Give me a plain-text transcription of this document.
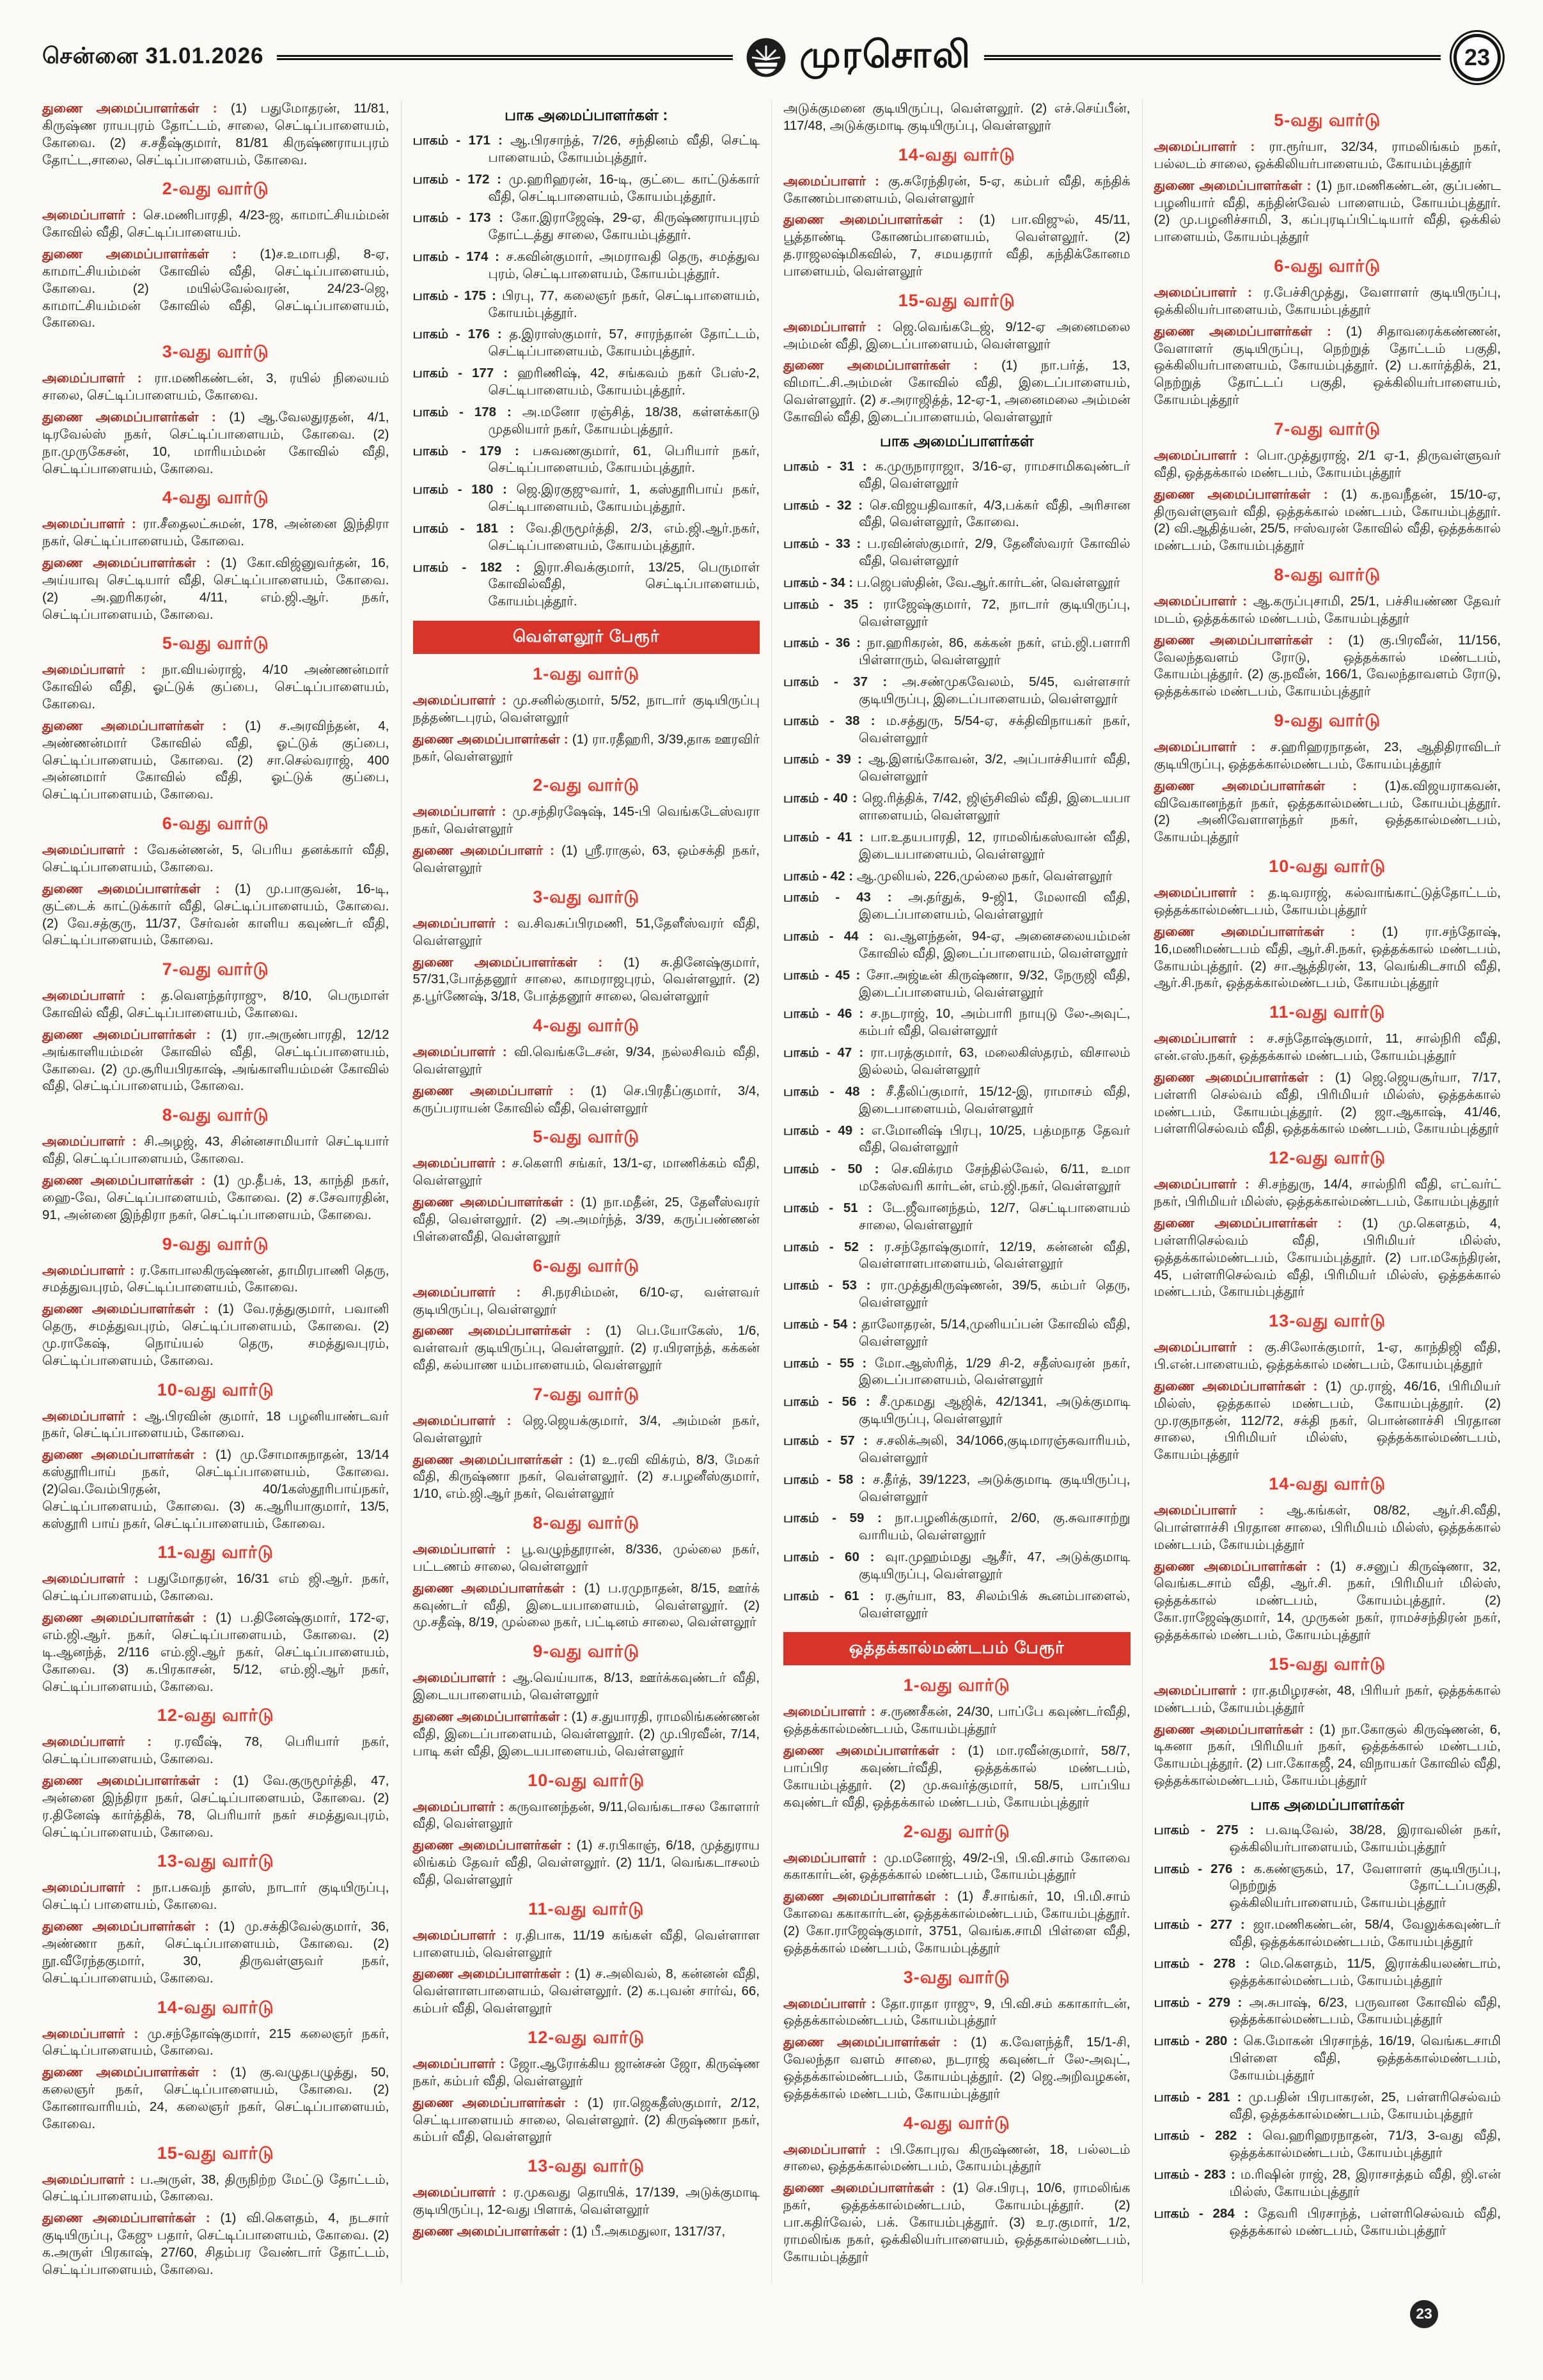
சென்னை 31.01.2026	முரசொலி	23

துணை அமைப்பாளர்கள் : (1) பதுமோதரன், 11/81, கிருஷ்ண ராயபுரம் தோட்டம், சாலை, செட்டிப்பாளையம், கோவை. (2) ச.சதீஷ்குமார், 81/81 கிருஷ்ணராயபுரம் தோட்ட,சாலை, செட்டிப்பாளையம், கோவை.

2-வது வார்டு

அமைப்பாளர் : செ.மணிபாரதி, 4/23-ஜ, காமாட்சியம்மன் கோவில் வீதி, செட்டிப்பாளையம்.

துணை அமைப்பாளர்கள் : (1)ச.உமாபதி, 8-ஏ, காமாட்சியம்மன் கோவில் வீதி, செட்டிப்பாளையம், கோவை. (2) மயில்வேல்வரன், 24/23-ஜெ, காமாட்சியம்மன் கோவில் வீதி, செட்டிப்பாளையம், கோவை.

3-வது வார்டு

அமைப்பாளர் : ரா.மணிகண்டன், 3, ரயில் நிலையம் சாலை, செட்டிப்பாளையம், கோவை.

துணை அமைப்பாளர்கள் : (1) ஆ.வேலதுரதன், 4/1, டிரவேல்ஸ் நகர், செட்டிப்பாளையம், கோவை. (2) நா.முருகேசன், 10, மாரியம்மன் கோவில் வீதி, செட்டிப்பாளையம், கோவை.

4-வது வார்டு

அமைப்பாளர் : ரா.சீதைலட்சுமன், 178, அன்னை இந்திரா நகர், செட்டிப்பாளையம், கோவை.

துணை அமைப்பாளர்கள் : (1) கோ.விஜ்னுவர்தன், 16, அய்யாவு செட்டியார் வீதி, செட்டிப்பாளையம், கோவை. (2) அ.ஹரிகரன், 4/11, எம்.ஜி.ஆர். நகர், செட்டிப்பாளையம், கோவை.

5-வது வார்டு

அமைப்பாளர் : நா.வியல்ராஜ், 4/10 அண்ணன்மார் கோவில் வீதி, ஓட்டுக் குப்பை, செட்டிப்பாளையம், கோவை.

துணை அமைப்பாளர்கள் : (1) ச.அரவிந்தன், 4, அண்ணன்மார் கோவில் வீதி, ஓட்டுக் குப்பை, செட்டிப்பாளையம், கோவை. (2) சா.செல்வராஜ், 400 அன்னமார் கோவில் வீதி, ஓட்டுக் குப்பை, செட்டிப்பாளையம், கோவை.

6-வது வார்டு

அமைப்பாளர் : வேகன்ணன், 5, பெரிய தனக்கார் வீதி, செட்டிப்பாளையம், கோவை.

துணை அமைப்பாளர்கள் : (1) மு.பாகுவன், 16-டி, குட்டைக் காட்டுக்கார் வீதி, செட்டிப்பாளையம், கோவை. (2) வே.சத்குரு, 11/37, சேர்வன் காளிய கவுண்டர் வீதி, செட்டிப்பாளையம், கோவை.

7-வது வார்டு

அமைப்பாளர் : த.வெளந்தர்ராஜு, 8/10, பெருமாள் கோவில் வீதி, செட்டிப்பாளையம், கோவை.

துணை அமைப்பாளர்கள் : (1) ரா.அருண்பாரதி, 12/12 அங்காளியம்மன் கோவில் வீதி, செட்டிப்பாளையம், கோவை. (2) மு.சூரியபிரகாஷ், அங்காளியம்மன் கோவில் வீதி, செட்டிப்பாளையம், கோவை.

8-வது வார்டு

அமைப்பாளர் : சி.அழஜ், 43, சின்னசாமியார் செட்டியார் வீதி, செட்டிப்பாளையம், கோவை.

துணை அமைப்பாளர்கள் : (1) மு.தீபக், 13, காந்தி நகர், ஹை-வே, செட்டிப்பாளையம், கோவை. (2) ச.சேவாரதின், 91, அன்னை இந்திரா நகர், செட்டிப்பாளையம், கோவை.

9-வது வார்டு

அமைப்பாளர் : ர.கோபாலகிருஷ்ணன், தாமிரபாணி தெரு, சமத்துவபுரம், செட்டிப்பாளையம், கோவை.

துணை அமைப்பாளர்கள் : (1) வே.ரத்துகுமார், பவானி தெரு, சமத்துவபுரம், செட்டிப்பாளையம், கோவை. (2) மு.ராகேஷ், நொய்யல் தெரு, சமத்துவபுரம், செட்டிப்பாளையம், கோவை.

10-வது வார்டு

அமைப்பாளர் : ஆ.பிரவின் குமார், 18 பழனியாண்டவர் நகர், செட்டிப்பாளையம், கோவை.

துணை அமைப்பாளர்கள் : (1) மு.சோமாசுநாதன், 13/14 கஸ்தூரிபாய் நகர், செட்டிப்பாளையம், கோவை. (2)வெ.வேம்பிரதன், 40/1கஸ்தூரிபாய்நகர், செட்டிப்பாளையம், கோவை. (3) க.ஆரியாகுமார், 13/5, கஸ்தூரி பாய் நகர், செட்டிப்பாளையம், கோவை.

11-வது வார்டு

அமைப்பாளர் : பதுமோதரன், 16/31 எம் ஜி.ஆர். நகர், செட்டிப்பாளையம், கோவை.

துணை அமைப்பாளர்கள் : (1) ப.தினேஷ்குமார், 172-ஏ, எம்.ஜி.ஆர். நகர், செட்டிப்பாளையம், கோவை. (2) டி.ஆனந்த், 2/116 எம்.ஜி.ஆர் நகர், செட்டிப்பாளையம், கோவை. (3) க.பிரகாசன், 5/12, எம்.ஜி.ஆர் நகர், செட்டிப்பாளையம், கோவை.

12-வது வார்டு

அமைப்பாளர் : ர.ரவீஷ், 78, பெரியார் நகர், செட்டிப்பாளையம், கோவை.

துணை அமைப்பாளர்கள் : (1) வே.குருமூர்த்தி, 47, அன்னை இந்திரா நகர், செட்டிப்பாளையம், கோவை. (2) ர.தினேஷ் கார்த்திக், 78, பெரியார் நகர் சமத்துவபுரம், செட்டிப்பாளையம், கோவை.

13-வது வார்டு

அமைப்பாளர் : நா.பசுவந் தாஸ், நாடார் குடியிருப்பு, செட்டிப் பாளையம், கோவை.

துணை அமைப்பாளர்கள் : (1) மு.சக்திவேல்குமார், 36, அண்ணா நகர், செட்டிப்பாளையம், கோவை. (2) நூ.வீரேந்தகுமார், 30, திருவள்ளுவர் நகர், செட்டிப்பாளையம், கோவை.

14-வது வார்டு

அமைப்பாளர் : மு.சந்தோஷ்குமார், 215 கலைஞர் நகர், செட்டிப்பாளையம், கோவை.

துணை அமைப்பாளர்கள் : (1) கு.வழுதபழுத்து, 50, கலைஞர் நகர், செட்டிப்பாளையம், கோவை. (2) கோனாவாரியம், 24, கலைஞர் நகர், செட்டிப்பாளையம், கோவை.

15-வது வார்டு

அமைப்பாளர் : ப.அருள், 38, திருநிற்ற மேட்டு தோட்டம், செட்டிப்பாளையம், கோவை.

துணை அமைப்பாளர்கள் : (1) வி.கெளதம், 4, நடசார் குடியிருப்பு, கேஜு பதார், செட்டிப்பாளையம், கோவை. (2) க.அருள் பிரகாஷ், 27/60, சிதம்பர வேண்டார் தோட்டம், செட்டிப்பாளையம், கோவை.

பாக அமைப்பாளர்கள் :

பாகம் - 171 : ஆ.பிரசாந்த், 7/26, சந்தினம் வீதி, செட்டி பாளையம், கோயம்புத்தூர்.

பாகம் - 172 : மு.ஹரிஹரன், 16-டி, குட்டை காட்டுக்கார் வீதி, செட்டிபாளையம், கோயம்புத்தூர்.

பாகம் - 173 : கோ.இராஜேஷ், 29-ஏ, கிருஷ்ணராயபுரம் தோட்டத்து சாலை, கோயம்புத்தூர்.

பாகம் - 174 : ச.கவின்குமார், அமராவதி தெரு, சமத்துவ புரம், செட்டிபாளையம், கோயம்புத்தூர்.

பாகம் - 175 : பிரபு, 77, கலைஞர் நகர், செட்டிபாளையம், கோயம்புத்தூர்.

பாகம் - 176 : த.இராஸ்குமார், 57, சாரந்தான் தோட்டம், செட்டிப்பாளையம், கோயம்புத்தூர்.

பாகம் - 177 : ஹரிணிஷ், 42, சங்கவம் நகர் பேஸ்-2, செட்டிபாளையம், கோயம்புத்தூர்.

பாகம் - 178 : அ.மனோ ரஞ்சித், 18/38, கள்ளக்காடு முதலியார் நகர், கோயம்புத்தூர்.

பாகம் - 179 : பசுவணகுமார், 61, பெரியார் நகர், செட்டிப்பாளையம், கோயம்புத்தூர்.

பாகம் - 180 : ஜெ.இரகுஜுவார், 1, கஸ்தூரிபாய் நகர், செட்டிபாளையம், கோயம்புத்தூர்.

பாகம் - 181 : வே.திருமூர்த்தி, 2/3, எம்.ஜி.ஆர்.நகர், செட்டிப்பாளையம், கோயம்புத்தூர்.

பாகம் - 182 : இரா.சிவக்குமார், 13/25, பெருமாள் கோவில்வீதி, செட்டிப்பாளையம், கோயம்புத்தூர்.

வெள்ளலூர் பேரூர்
1-வது வார்டு

அமைப்பாளர் : மு.சனில்குமார், 5/52, நாடார் குடியிருப்பு நத்தண்டபுரம், வெள்ளலூர்

துணை அமைப்பாளர்கள் : (1) ரா.ரதீஹரி, 3/39,தாக ஊரவிர் நகர், வெள்ளலூர்

2-வது வார்டு

அமைப்பாளர் : மு.சந்திரஷேஷ், 145-பி வெங்கடேஸ்வரா நகர், வெள்ளலூர்

துணை அமைப்பாளர் : (1) ஸ்ரீ.ராகுல், 63, ஒம்சக்தி நகர், வெள்ளலூர்

3-வது வார்டு

அமைப்பாளர் : வ.சிவசுப்பிரமணி, 51,தேளீஸ்வரர் வீதி, வெள்ளலூர்

துணை அமைப்பாளர்கள் : (1) சு.தினேஷ்குமார், 57/31,போத்தனூர் சாலை, காமராஜபுரம், வெள்ளலூர். (2) த.பூர்ணேஷ், 3/18, போத்தனூர் சாலை, வெள்ளலூர்

4-வது வார்டு

அமைப்பாளர் : வி.வெங்கடேசன், 9/34, நல்லசிவம் வீதி, வெள்ளலூர்

துணை அமைப்பாளர் : (1) செ.பிரதீப்குமார், 3/4, கருப்பராயன் கோவில் வீதி, வெள்ளலூர்

5-வது வார்டு

அமைப்பாளர் : ச.கௌரி சங்கர், 13/1-ஏ, மாணிக்கம் வீதி, வெள்ளலூர்

துணை அமைப்பாளர்கள் : (1) நா.மதீன், 25, தேளீஸ்வரர் வீதி, வெள்ளலூர். (2) அ.அமர்ந்த், 3/39, கருப்பண்ணன் பிள்ளைவீதி, வெள்ளலூர்

6-வது வார்டு

அமைப்பாளர் : சி.நரசிம்மன், 6/10-ஏ, வள்ளவர் குடியிருப்பு, வெள்ளலூர்

துணை அமைப்பாளர்கள் : (1) பெ.யோகேஸ், 1/6, வள்ளவர் குடியிருப்பு, வெள்ளலூர். (2) ர.யிரளந்த், கக்கன் வீதி, கல்யாண யம்பாளையம், வெள்ளலூர்

7-வது வார்டு

அமைப்பாளர் : ஜெ.ஜெயக்குமார், 3/4, அம்மன் நகர், வெள்ளலூர்

துணை அமைப்பாளர்கள் : (1) உ.ரவி விக்ரம், 8/3, மேகர் வீதி, கிருஷ்ணா நகர், வெள்ளலூர். (2) ச.பழனீஸ்குமார், 1/10, எம்.ஜி.ஆர் நகர், வெள்ளலூர்

8-வது வார்டு

அமைப்பாளர் : பூ.வழுந்தூரான், 8/336, முல்லை நகர், பட்டணம் சாலை, வெள்ளலூர்

துணை அமைப்பாளர்கள் : (1) ப.ரமுநாதன், 8/15, ஊர்க் கவுண்டர் வீதி, இடையபாளையம், வெள்ளலூர். (2) மு.சதீஷ், 8/19, முல்லை நகர், பட்டினம் சாலை, வெள்ளலூர்

9-வது வார்டு

அமைப்பாளர் : ஆ.வெய்யாக, 8/13, ஊர்க்கவுண்டர் வீதி, இடையபாளையம், வெள்ளலூர்

துணை அமைப்பாளர்கள் : (1) ச.துயாரதி, ராமலிங்கண்ணன் வீதி, இடைப்பாளையம், வெள்ளலூர். (2) மு.பிரவீன், 7/14, பாடி கள் வீதி, இடையபாளையம், வெள்ளலூர்

10-வது வார்டு

அமைப்பாளர் : கருவானந்தன், 9/11,வெங்கடாசல கோளார் வீதி, வெள்ளலூர்

துணை அமைப்பாளர்கள் : (1) ச.ரபிகாஞ், 6/18, முத்துராய லிங்கம் தேவர் வீதி, வெள்ளலூர். (2) 11/1, வெங்கடாசலம் வீதி, வெள்ளலூர்

11-வது வார்டு

அமைப்பாளர் : ர.திபாக, 11/19 கங்கள் வீதி, வெள்ளாள பாளையம், வெள்ளலூர்

துணை அமைப்பாளர்கள் : (1) ச.அலிவல், 8, கன்னன் வீதி, வெள்ளாளபாளையம், வெள்ளலூர். (2) க.புவன் சார்வ், 66, கம்பர் வீதி, வெள்ளலூர்

12-வது வார்டு

அமைப்பாளர் : ஜோ.ஆரோக்கிய ஜான்சன் ஜோ, கிருஷ்ண நகர், கம்பர் வீதி, வெள்ளலூர்

துணை அமைப்பாளர்கள் : (1) ரா.ஜெகதீஸ்குமார், 2/12, செட்டிபாளையம் சாலை, வெள்ளலூர். (2) கிருஷ்ணா நகர், கம்பர் வீதி, வெள்ளலூர்

13-வது வார்டு

அமைப்பாளர் : ர.முகவது தொயிக், 17/139, அடுக்குமாடி குடியிருப்பு, 12-வது பிளாக், வெள்ளலூர்

துணை அமைப்பாளர்கள் : (1) பீ.அகமதுலா, 1317/37,

அடுக்குமனை குடியிருப்பு, வெள்ளலூர். (2) எச்.செய்பீன், 117/48, அடுக்குமாடி குடியிருப்பு, வெள்ளலூர்

14-வது வார்டு

அமைப்பாளர் : கு.சுரேந்திரன், 5-ஏ, கம்பர் வீதி, கந்திக் கோணம்பாளையம், வெள்ளலூர்

துணை அமைப்பாளர்கள் : (1) பா.விஜுல், 45/11, பூத்தாண்டி கோணம்பாளையம், வெள்ளலூர். (2) த.ராஜலஷ்மிகவில், 7, சமயதரார் வீதி, கந்திக்கோனம பாளையம், வெள்ளலூர்

15-வது வார்டு

அமைப்பாளர் : ஜெ.வெங்கடேஜ், 9/12-ஏ அனைமலை அம்மன் வீதி, இடைப்பாளையம், வெள்ளலூர்

துணை அமைப்பாளர்கள் : (1) நா.பர்த், 13, விமாட்.சி.அம்மன் கோவில் வீதி, இடைப்பாளையம், வெள்ளலூர். (2) ச.அராஜித்த், 12-ஏ-1, அனைமலை அம்மன் கோவில் வீதி, இடைப்பாளையம், வெள்ளலூர்

பாக அமைப்பாளர்கள்

பாகம் - 31 : க.முருநாராஜா, 3/16-ஏ, ராமசாமிகவுண்டர் வீதி, வெள்ளலூர்

பாகம் - 32 : செ.விஜயதிவாகர், 4/3,பக்கர் வீதி, அரிசான வீதி, வெள்ளலூர், கோவை.

பாகம் - 33 : ப.ரவின்ஸ்குமார், 2/9, தேனீஸ்வரர் கோவில் வீதி, வெள்ளலூர்

பாகம் - 34 : ப.ஜெபஸ்தின், வே.ஆர்.கார்டன், வெள்ளலூர்

பாகம் - 35 : ராஜேஷ்குமார், 72, நாடார் குடியிருப்பு, வெள்ளலூர்

பாகம் - 36 : நா.ஹரிகரன், 86, கக்கன் நகர், எம்.ஜி.பளாரி பிள்ளாரும், வெள்ளலூர்

பாகம் - 37 : அ.சண்முகவேலம், 5/45, வள்ளசார் குடியிருப்பு, இடைப்பாளையம், வெள்ளலூர்

பாகம் - 38 : ம.சத்துரு, 5/54-ஏ, சக்திவிநாயகர் நகர், வெள்ளலூர்

பாகம் - 39 : ஆ.இளங்கோவன், 3/2, அப்பாச்சியார் வீதி, வெள்ளலூர்

பாகம் - 40 : ஜெ.ரித்திக், 7/42, ஜிஞ்சிவில் வீதி, இடையபா ளாளையம், வெள்ளலூர்

பாகம் - 41 : பா.உதயபாரதி, 12, ராமலிங்கஸ்வான் வீதி, இடையபாளையம், வெள்ளலூர்

பாகம் - 42 : ஆ.முலியல், 226,முல்லை நகர், வெள்ளலூர்

பாகம் - 43 : அ.தர்துக், 9-ஜி1, மேலாவி வீதி, இடைப்பாளையம், வெள்ளலூர்

பாகம் - 44 : வ.ஆளந்தன், 94-ஏ, அனைசலையம்மன் கோவில் வீதி, இடைப்பாளையம், வெள்ளலூர்

பாகம் - 45 : சோ.அஜ்டீன் கிருஷ்ணா, 9/32, நேருஜி வீதி, இடைப்பாளையம், வெள்ளலூர்

பாகம் - 46 : ச.நடராஜ், 10, அம்பாரி நாயுடு லே-அவுட், கம்பர் வீதி, வெள்ளலூர்

பாகம் - 47 : ரா.பரத்குமார், 63, மலைகிஸ்தரம், விசாலம் இல்லம், வெள்ளலூர்

பாகம் - 48 : சீ.தீலிப்குமார், 15/12-இ, ராமாசம் வீதி, இடைபாளையம், வெள்ளலூர்

பாகம் - 49 : எ.மோனிஷ் பிரபு, 10/25, பத்மநாத தேவர் வீதி, வெள்ளலூர்

பாகம் - 50 : செ.விக்ரம சேந்தில்வேல், 6/11, உமா மகேஸ்வரி கார்டன், எம்.ஜி.நகர், வெள்ளலூர்

பாகம் - 51 : டே.ஜீவானந்தம், 12/7, செட்டிபாளையம் சாலை, வெள்ளலூர்

பாகம் - 52 : ர.சந்தோஷ்குமார், 12/19, கன்னன் வீதி, வெள்ளாளபாளையம், வெள்ளலூர்

பாகம் - 53 : ரா.முத்துகிருஷ்ணன், 39/5, கம்பர் தெரு, வெள்ளலூர்

பாகம் - 54 : தாலோதரன், 5/14,முனியப்பன் கோவில் வீதி, வெள்ளலூர்

பாகம் - 55 : மோ.ஆஸ்ரித், 1/29 சி-2, சதீஸ்வரன் நகர், இடைப்பாளையம், வெள்ளலூர்

பாகம் - 56 : சீ.முகமது ஆஜிக், 42/1341, அடுக்குமாடி குடியிருப்பு, வெள்ளலூர்

பாகம் - 57 : ச.சலிக்அலி, 34/1066,குடிமாரஞ்சுவாரியம், வெள்ளலூர்

பாகம் - 58 : ச.தீர்த், 39/1223, அடுக்குமாடி குடியிருப்பு, வெள்ளலூர்

பாகம் - 59 : நா.பழனிக்குமார், 2/60, கு.சுவாசாற்று வாரியம், வெள்ளலூர்

பாகம் - 60 : வுா.முஹம்மது ஆசீர், 47, அடுக்குமாடி குடியிருப்பு, வெள்ளலூர்

பாகம் - 61 : ர.சூர்யா, 83, சிலம்பிக் கூனம்பாளைல், வெள்ளலூர்

ஒத்தக்கால்மண்டபம் பேரூர்
1-வது வார்டு

அமைப்பாளர் : ச.ருணசீகன், 24/30, பாப்பே கவுண்டர்வீதி, ஒத்தக்கால்மண்டபம், கோயம்புத்தூர்

துணை அமைப்பாளர்கள் : (1) மா.ரவீன்குமார், 58/7, பாப்பிர கவுண்டர்வீதி, ஒத்தக்கால் மண்டபம், கோயம்புத்தூர். (2) மு.சுவர்த்குமார், 58/5, பாப்பிய கவுண்டர் வீதி, ஒத்தக்கால் மண்டபம், கோயம்புத்தூர்

2-வது வார்டு

அமைப்பாளர் : மு.மனோஜ், 49/2-பி, பி.வி.சாம் கோவை ககாகார்டன், ஒத்தக்கால் மண்டபம், கோயம்புத்தூர்

துணை அமைப்பாளர்கள் : (1) சீ.சாங்கர், 10, பி.மி.சாம் கோவை ககாகார்டன், ஒத்தக்கால்மண்டபம், கோயம்புத்தூர். (2) கோ.ராஜேஷ்குமார், 3751, வெங்க.சாமி பிள்ளை வீதி, ஒத்தக்கால் மண்டபம், கோயம்புத்தூர்

3-வது வார்டு

அமைப்பாளர் : தோ.ராதா ராஜு, 9, பி.வி.சம் ககாகார்டன், ஒத்தக்கால்மண்டபம், கோயம்புத்தூர்

துணை அமைப்பாளர்கள் : (1) க.வேளந்த்ரீ, 15/1-சி, வேலந்தா வளம் சாலை, நடராஜ் கவுண்டர் லே-அவுட், ஒத்தக்கால்மண்டபம், கோயம்புத்தூர். (2) ஜெ.அறிவழகன், ஒத்தக்கால் மண்டபம், கோயம்புத்தூர்

4-வது வார்டு

அமைப்பாளர் : பி.கோபுரவ கிருஷ்ணன், 18, பல்லடம் சாலை, ஒத்தக்கால்மண்டபம், கோயம்புத்தூர்

துணை அமைப்பாளர்கள் : (1) செ.பிரபு, 10/6, ராமலிங்க நகர், ஒத்தக்கால்மண்டபம், கோயம்புத்தூர். (2) பா.கதிர்வேல், பக். கோயம்புத்தூர். (3) உர.குமார், 1/2, ராமலிங்க நகர், ஒக்கிலியர்பாளையம், ஒத்தகால்மண்டபம், கோயம்புத்தூர்

5-வது வார்டு

அமைப்பாளர் : ரா.ரூர்யா, 32/34, ராமலிங்கம் நகர், பல்லடம் சாலை, ஒக்கிலியர்பாளையம், கோயம்புத்தூர்

துணை அமைப்பாளர்கள் : (1) நா.மணிகண்டன், குப்பண்ட பழனியார் வீதி, கந்தின்வேல் பாளையம், கோயம்புத்தூர். (2) மு.பழனிச்சாமி, 3, கப்புரடிப்பிட்டியார் வீதி, ஒக்கில் பாளையம், கோயம்புத்தூர்

6-வது வார்டு

அமைப்பாளர் : ர.பேச்சிமுத்து, வேளாளர் குடியிருப்பு, ஒக்கிலியர்பாளையம், கோயம்புத்தூர்

துணை அமைப்பாளர்கள் : (1) சிதாவரைக்கண்ணன், வேளாளர் குடியிருப்பு, நெற்றுத் தோட்டம் பகுதி, ஒக்கிலியர்பாளையம், கோயம்புத்தூர். (2) ப.கார்த்திக், 21, நெற்றுத் தோட்டப் பகுதி, ஒக்கிலியர்பாளையம், கோயம்புத்தூர்

7-வது வார்டு

அமைப்பாளர் : பொ.முத்துராஜ், 2/1 ஏ-1, திருவள்ளுவர் வீதி, ஒத்தக்கால் மண்டபம், கோயம்புத்தூர்

துணை அமைப்பாளர்கள் : (1) க.நவநீதன், 15/10-ஏ, திருவள்ளுவர் வீதி, ஒத்தக்கால் மண்டபம், கோயம்புத்தூர். (2) வி.ஆதித்யன், 25/5, ஈஸ்வரன் கோவில் வீதி, ஒத்தக்கால் மண்டபம், கோயம்புத்தூர்

8-வது வார்டு

அமைப்பாளர் : ஆ.கருப்புசாமி, 25/1, பச்சியண்ண தேவர் மடம், ஒத்தக்கால் மண்டபம், கோயம்புத்தூர்

துணை அமைப்பாளர்கள் : (1) கு.பிரவீன், 11/156, வேலந்தவளம் ரோடு, ஒத்தக்கால் மண்டபம், கோயம்புத்தூர். (2) கு.நவீன், 166/1, வேலந்தாவளம் ரோடு, ஒத்தக்கால் மண்டபம், கோயம்புத்தூர்

9-வது வார்டு

அமைப்பாளர் : ச.ஹரிஹரநாதன், 23, ஆதிதிராவிடர் குடியிருப்பு, ஒத்தக்கால்மண்டபம், கோயம்புத்தூர்

துணை அமைப்பாளர்கள் : (1)க.விஜயராகவன், விவேகானந்தர் நகர், ஒத்தகால்மண்டபம், கோயம்புத்தூர். (2) அனிவேளாளந்தர் நகர், ஒத்தகால்மண்டபம், கோயம்புத்தூர்

10-வது வார்டு

அமைப்பாளர் : த.டிவராஜ், கல்வாங்காட்டுத்தோட்டம், ஒத்தக்கால்மண்டபம், கோயம்புத்தூர்

துணை அமைப்பாளர்கள் : (1) ரா.சந்தோஷ், 16,மணிமண்டபம் வீதி, ஆர்.சி.நகர், ஒத்தக்கால் மண்டபம், கோயம்புத்தூர். (2) சா.ஆத்திரன், 13, வெங்கிடசாமி வீதி, ஆர்.சி.நகர், ஒத்தக்கால்மண்டபம், கோயம்புத்தூர்

11-வது வார்டு

அமைப்பாளர் : ச.சந்தோஷ்குமார், 11, சால்நிரி வீதி, என்.எஸ்.நகர், ஒத்தக்கால் மண்டபம், கோயம்புத்தூர்

துணை அமைப்பாளர்கள் : (1) ஜெ.ஜெயசூர்யா, 7/17, பள்ளரி செல்வம் வீதி, பிரிமியர் மில்ஸ், ஒத்தக்கால் மண்டபம், கோயம்புத்தூர். (2) ஜா.ஆகாஷ், 41/46, பள்ளரிசெல்வம் வீதி, ஒத்தக்கால் மண்டபம், கோயம்புத்தூர்

12-வது வார்டு

அமைப்பாளர் : சி.சந்துரு, 14/4, சால்நிரி வீதி, எட்வர்ட் நகர், பிரிமியர் மில்ஸ், ஒத்தக்கால்மண்டபம், கோயம்புத்தூர்

துணை அமைப்பாளர்கள் : (1) மு.கௌதம், 4, பள்ளரிசெல்வம் வீதி, பிரிமியர் மில்ஸ், ஒத்தக்கால்மண்டபம், கோயம்புத்தூர். (2) பா.மகேந்திரன், 45, பள்ளரிசெல்வம் வீதி, பிரிமியர் மில்ஸ், ஒத்தக்கால் மண்டபம், கோயம்புத்தூர்

13-வது வார்டு

அமைப்பாளர் : கு.சிலோக்குமார், 1-ஏ, காந்திஜி வீதி, பி.என்.பாளையம், ஒத்தக்கால் மண்டபம், கோயம்புத்தூர்

துணை அமைப்பாளர்கள் : (1) மு.ராஜ், 46/16, பிரிமியர் மில்ஸ், ஒத்தகால் மண்டபம், கோயம்புத்தூர். (2) மு.ரகுநாதன், 112/72, சக்தி நகர், பொன்னாச்சி பிரதான சாலை, பிரிமியர் மில்ஸ், ஒத்தக்கால்மண்டபம், கோயம்புத்தூர்

14-வது வார்டு

அமைப்பாளர் : ஆ.கங்கள், 08/82, ஆர்.சி.வீதி, பொள்ளாச்சி பிரதான சாலை, பிரிமியம் மில்ஸ், ஒத்தக்கால் மண்டபம், கோயம்புத்தூர்

துணை அமைப்பாளர்கள் : (1) ச.சனுப் கிருஷ்ணா, 32, வெங்கடசாம் வீதி, ஆர்.சி. நகர், பிரிமியர் மில்ஸ், ஒத்தக்கால் மண்டபம், கோயம்புத்தூர். (2) கோ.ராஜேஷ்குமார், 14, முருகன் நகர், ராமச்சந்திரன் நகர், ஒத்தக்கால் மண்டபம், கோயம்புத்தூர்

15-வது வார்டு

அமைப்பாளர் : ரா.தமிழரசன், 48, பிரியர் நகர், ஒத்தக்கால் மண்டபம், கோயம்புத்தூர்

துணை அமைப்பாளர்கள் : (1) நா.கோகுல் கிருஷ்ணன், 6, டிசுனா நகர், பிரிமியர் நகர், ஒத்தக்கால் மண்டபம், கோயம்புத்தூர். (2) பா.கோகஜீ, 24, விநாயகர் கோவில் வீதி, ஒத்தக்கால்மண்டபம், கோயம்புத்தூர்

பாக அமைப்பாளர்கள்

பாகம் - 275 : ப.வடிவேல், 38/28, இராவலின் நகர், ஒக்கிலியர்பாளையம், கோயம்புத்தூர்

பாகம் - 276 : க.கண்ஞகம், 17, வேளாளர் குடியிருப்பு, நெற்றுத் தோட்டப்பகுதி, ஒக்கிலியர்பாளையம், கோயம்புத்தூர்

பாகம் - 277 : ஜா.மணிகண்டன், 58/4, வேலுக்கவுண்டர் வீதி, ஒத்தக்கால்மண்டபம், கோயம்புத்தூர்

பாகம் - 278 : மெ.கௌதம், 11/5, இராக்கியலண்டாம், ஒத்தக்கால்மண்டபம், கோயம்புத்தூர்

பாகம் - 279 : அ.சுபாஷ், 6/23, பருவான கோவில் வீதி, ஒத்தக்கால்மண்டபம், கோயம்புத்தூர்

பாகம் - 280 : கெ.மோகன் பிரசாந்த், 16/19, வெங்கடசாமி பிள்ளை வீதி, ஒத்தக்கால்மண்டபம், கோயம்புத்தூர்

பாகம் - 281 : மு.பதின் பிரபாகரன், 25, பள்ளரிசெல்வம் வீதி, ஒத்தக்கால்மண்டபம், கோயம்புத்தூர்

பாகம் - 282 : வெ.ஹரிஹரநாதன், 71/3, 3-வது வீதி, ஒத்தக்கால்மண்டபம், கோயம்புத்தூர்

பாகம் - 283 : ம.ரிஷின் ராஜ், 28, இராசாத்தம் வீதி, ஜி.என் மில்ஸ், கோயம்புத்தூர்

பாகம் - 284 : தேவரி பிரசாந்த், பள்ளரிசெல்வம் வீதி, ஒத்தக்கால் மண்டபம், கோயம்புத்தூர்

23
